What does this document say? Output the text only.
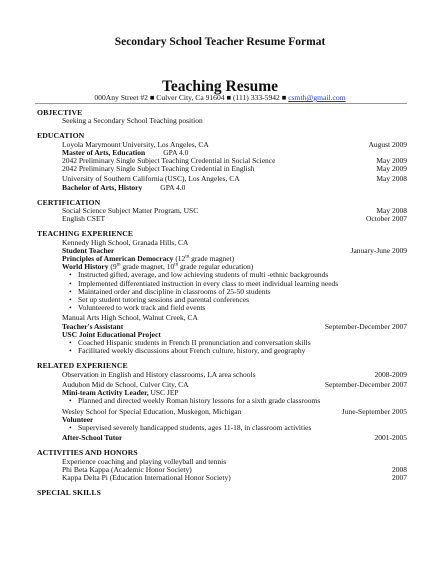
Secondary School Teacher Resume Format
Teaching Resume
000Any Street #2 ■ Culver City, Ca 91604 ■ (111) 333-5942 ■ csmth@gmail.com
OBJECTIVE
Seeking a Secondary School Teaching position
EDUCATION
Loyola Marymount University, Los Angeles, CA	August 2009
Master of Arts, Education GPA 4.0
2042 Preliminary Single Subject Teaching Credential in Social Science	May 2009
2042 Preliminary Single Subject Teaching Credential in English	May 2009
University of Southern California (USC), Los Angeles, CA	May 2008
Bachelor of Arts, History GPA 4.0
CERTIFICATION
Social Science Subject Matter Program, USC	May 2008
English CSET	October 2007
TEACHING EXPERIENCE
Kennedy High School, Granada Hills, CA
Student Teacher	January-June 2009
Principles of American Democracy (12th grade magnet)
World History (9th grade magnet, 10th grade regular education)
• Instructed gifted, average, and low achieving students of multi -ethnic backgrounds
• Implemented differentiated instruction in every class to meet individual learning needs
• Maintained order and discipline in classrooms of 25-50 students
• Set up student tutoring sessions and parental conferences
• Volunteered to work track and field events
Manual Arts High School, Walnut Creek, CA
Teacher's Assistant	September-December 2007
USC Joint Educational Project
• Coached Hispanic students in French II pronunciation and conversation skills
• Facilitated weekly discussions about French culture, history, and geography
RELATED EXPERIENCE
Observation in English and History classrooms, LA area schools	2008-2009
Audubon Mid de School, Culver City, CA	September-December 2007
Mini-team Activity Leader, USC JEP
• Planned and directed weekly Roman history lessons for a sixth grade classrooms
Wesley School for Special Education, Muskegon, Michigan	June-September 2005
Volunteer
• Supervised severely handicapped students, ages 11-18, in classroom activities
After-School Tutor	2001-2005
ACTIVITIES AND HONORS
Experience coaching and playing volleyball and tennis
Phi Beta Kappa (Academic Honor Society)	2008
Kappa Delta Pi (Education International Honor Society)	2007
SPECIAL SKILLS
